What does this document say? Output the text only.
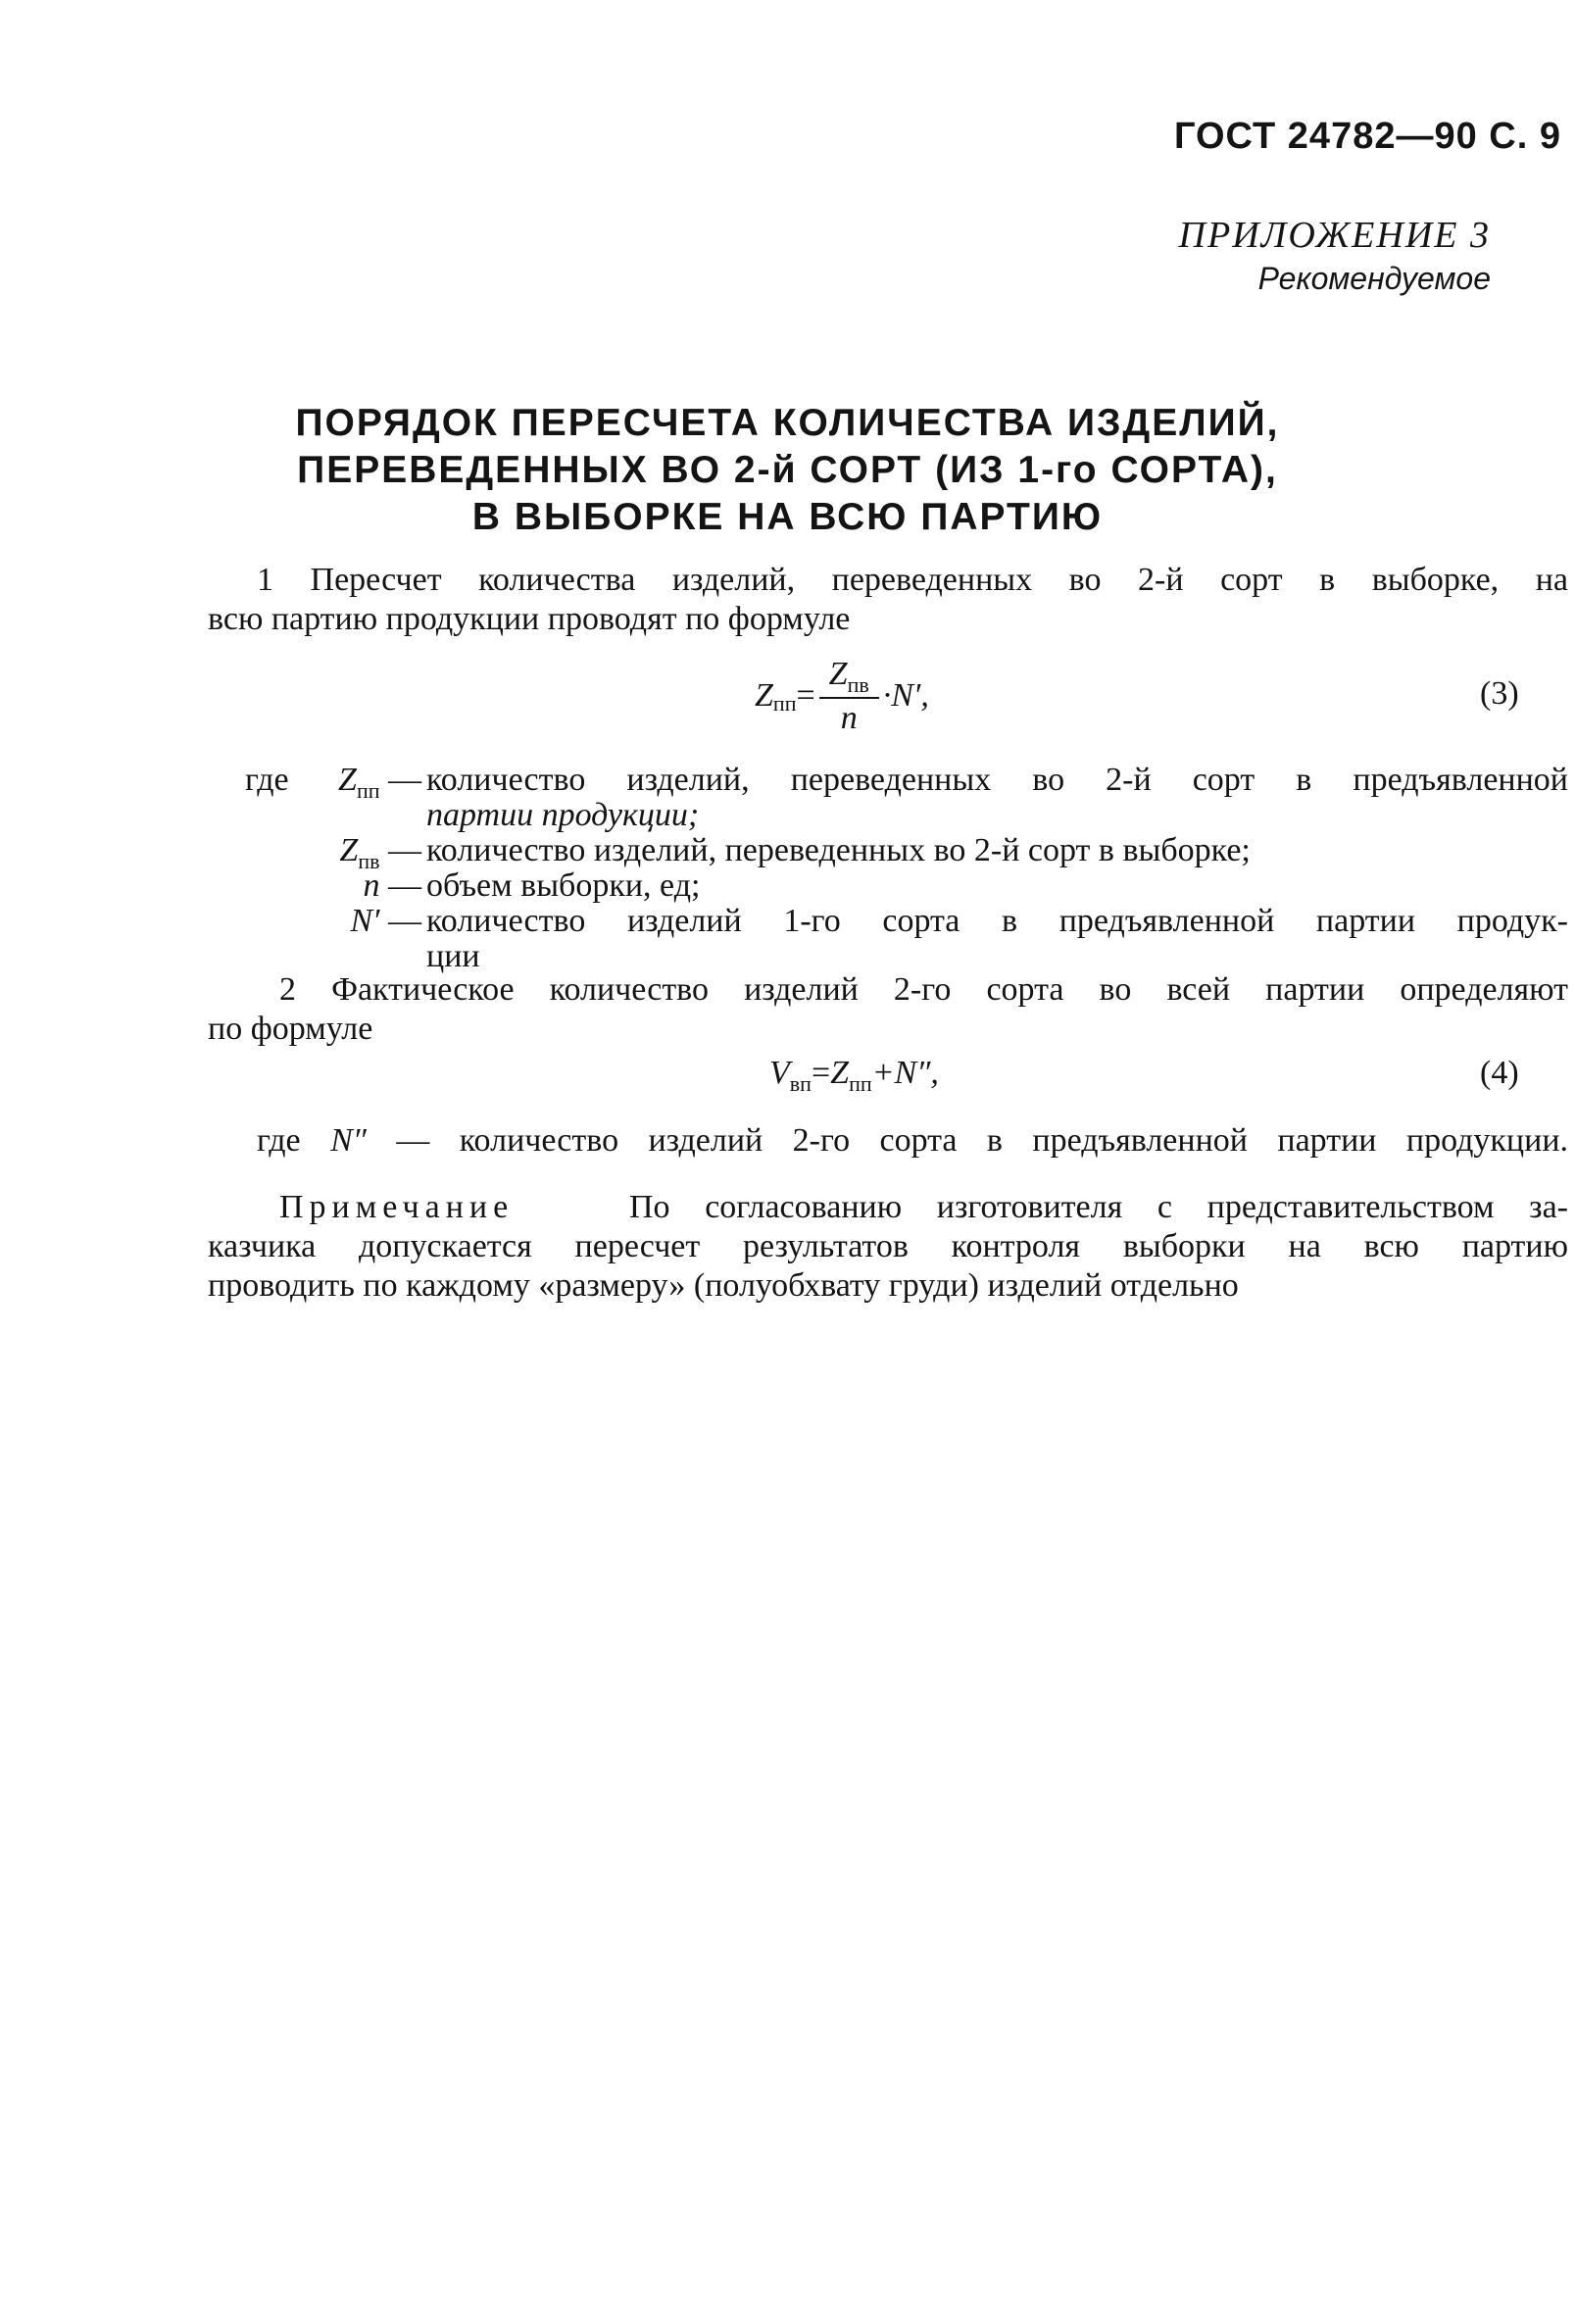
ГОСТ 24782—90 С. 9
ПРИЛОЖЕНИЕ 3
Рекомендуемое
ПОРЯДОК ПЕРЕСЧЕТА КОЛИЧЕСТВА ИЗДЕЛИЙ,
ПЕРЕВЕДЕННЫХ ВО 2-й СОРТ (ИЗ 1-го СОРТА),
В ВЫБОРКЕ НА ВСЮ ПАРТИЮ
1 Пересчет количества изделий, переведенных во 2-й сорт в выборке, на
всю партию продукции проводят по формуле
Z пп = $\frac{Z_{пв}}{n} \cdot N'$,	(3)
где	$Z_{пп}$ — количество изделий, переведенных во 2-й сорт в предъявленной
партии продукции;
$Z_{пв}$ — количество изделий, переведенных во 2-й сорт в выборке;
n — объем выборки, ед;
N′ — количество изделий 1-го сорта в предъявленной партии продук-
ции
2 Фактическое количество изделий 2-го сорта во всей партии определяют
по формуле
$V_{вп}=Z_{пп}+N''$,	(4)
где N″ — количество изделий 2-го сорта в предъявленной партии продукции.
Примечание	По согласованию изготовителя с представительством за-
казчика допускается пересчет результатов контроля выборки на всю партию
проводить по каждому «размеру» (полуобхвату груди) изделий отдельно
